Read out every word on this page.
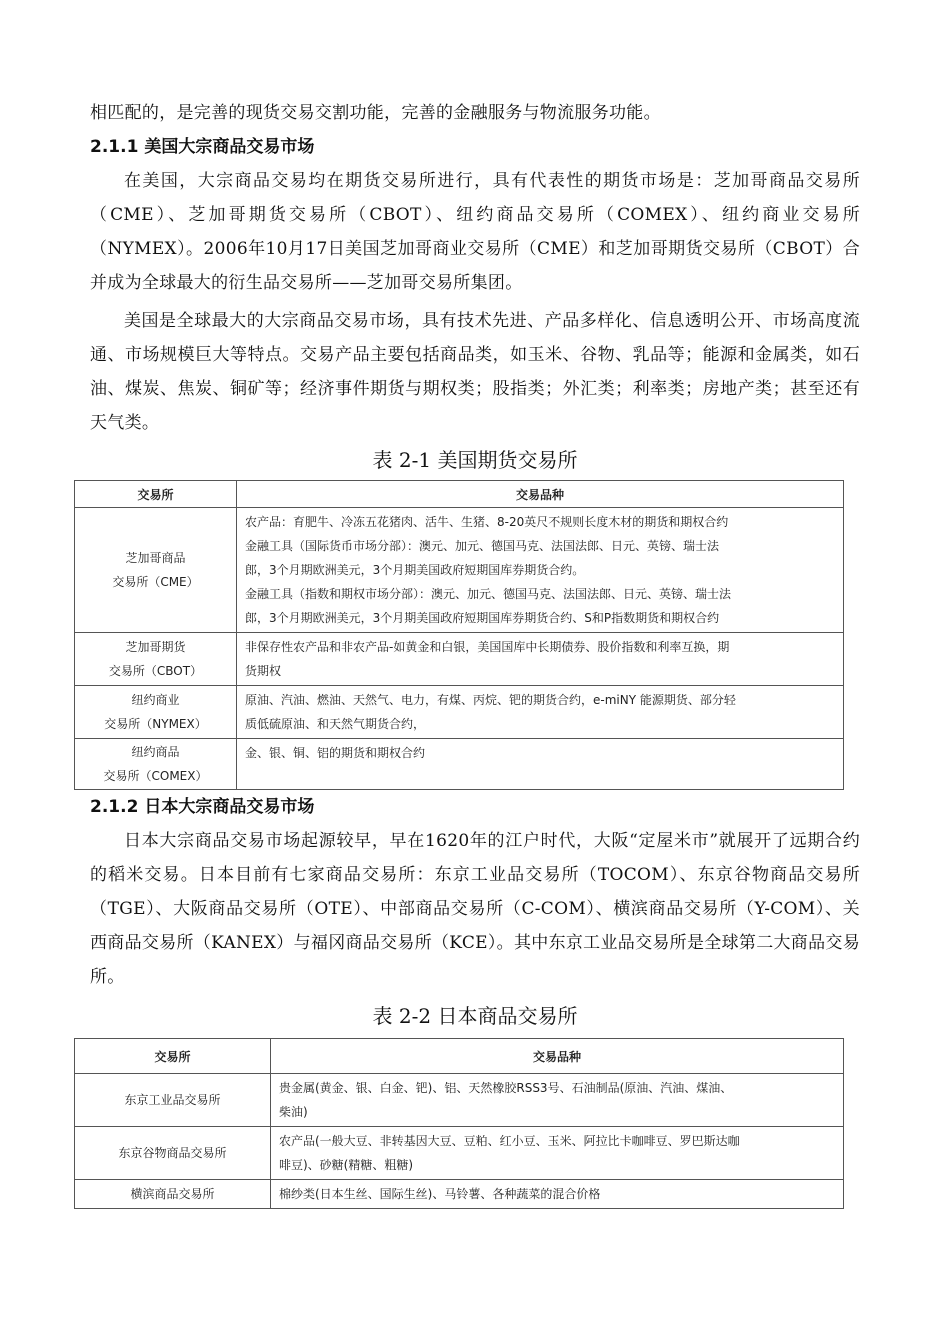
相匹配的，是完善的现货交易交割功能，完善的金融服务与物流服务功能。

2.1.1 美国大宗商品交易市场

在美国，大宗商品交易均在期货交易所进行，具有代表性的期货市场是：芝加哥商品交易所（CME）、芝加哥期货交易所（CBOT）、纽约商品交易所（COMEX）、纽约商业交易所（NYMEX）。2006年10月17日美国芝加哥商业交易所（CME）和芝加哥期货交易所（CBOT）合并成为全球最大的衍生品交易所——芝加哥交易所集团。

美国是全球最大的大宗商品交易市场，具有技术先进、产品多样化、信息透明公开、市场高度流通、市场规模巨大等特点。交易产品主要包括商品类，如玉米、谷物、乳品等；能源和金属类，如石油、煤炭、焦炭、铜矿等；经济事件期货与期权类；股指类；外汇类；利率类；房地产类；甚至还有天气类。

表 2-1 美国期货交易所
交易所	交易品种

芝加哥商品
交易所（CME）	农产品：育肥牛、冷冻五花猪肉、活牛、生猪、8-20英尺不规则长度木材的期货和期权合约
金融工具（国际货币市场分部）：澳元、加元、德国马克、法国法郎、日元、英镑、瑞士法
郎，3个月期欧洲美元，3个月期美国政府短期国库券期货合约。
金融工具（指数和期权市场分部）：澳元、加元、德国马克、法国法郎、日元、英镑、瑞士法
郎，3个月期欧洲美元，3个月期美国政府短期国库券期货合约、S和P指数期货和期权合约

芝加哥期货
交易所（CBOT）	非保存性农产品和非农产品-如黄金和白银，美国国库中长期债券、股价指数和利率互换，期
货期权

纽约商业
交易所（NYMEX）	原油、汽油、燃油、天然气、电力，有煤、丙烷、钯的期货合约，e-miNY 能源期货、部分轻
质低硫原油、和天然气期货合约，

纽约商品
交易所（COMEX）	金、银、铜、铝的期货和期权合约
2.1.2 日本大宗商品交易市场

日本大宗商品交易市场起源较早，早在1620年的江户时代，大阪“定屋米市”就展开了远期合约的稻米交易。日本目前有七家商品交易所：东京工业品交易所（TOCOM）、东京谷物商品交易所（TGE）、大阪商品交易所（OTE）、中部商品交易所（C-COM）、横滨商品交易所（Y-COM）、关西商品交易所（KANEX）与福冈商品交易所（KCE）。其中东京工业品交易所是全球第二大商品交易所。

表 2-2 日本商品交易所
交易所	交易品种
东京工业品交易所	贵金属(黄金、银、白金、钯)、铝、天然橡胶RSS3号、石油制品(原油、汽油、煤油、
柴油)

东京谷物商品交易所	农产品(一般大豆、非转基因大豆、豆粕、红小豆、玉米、阿拉比卡咖啡豆、罗巴斯达咖
啡豆)、砂糖(精糖、粗糖)

横滨商品交易所	棉纱类(日本生丝、国际生丝)、马铃薯、各种蔬菜的混合价格
